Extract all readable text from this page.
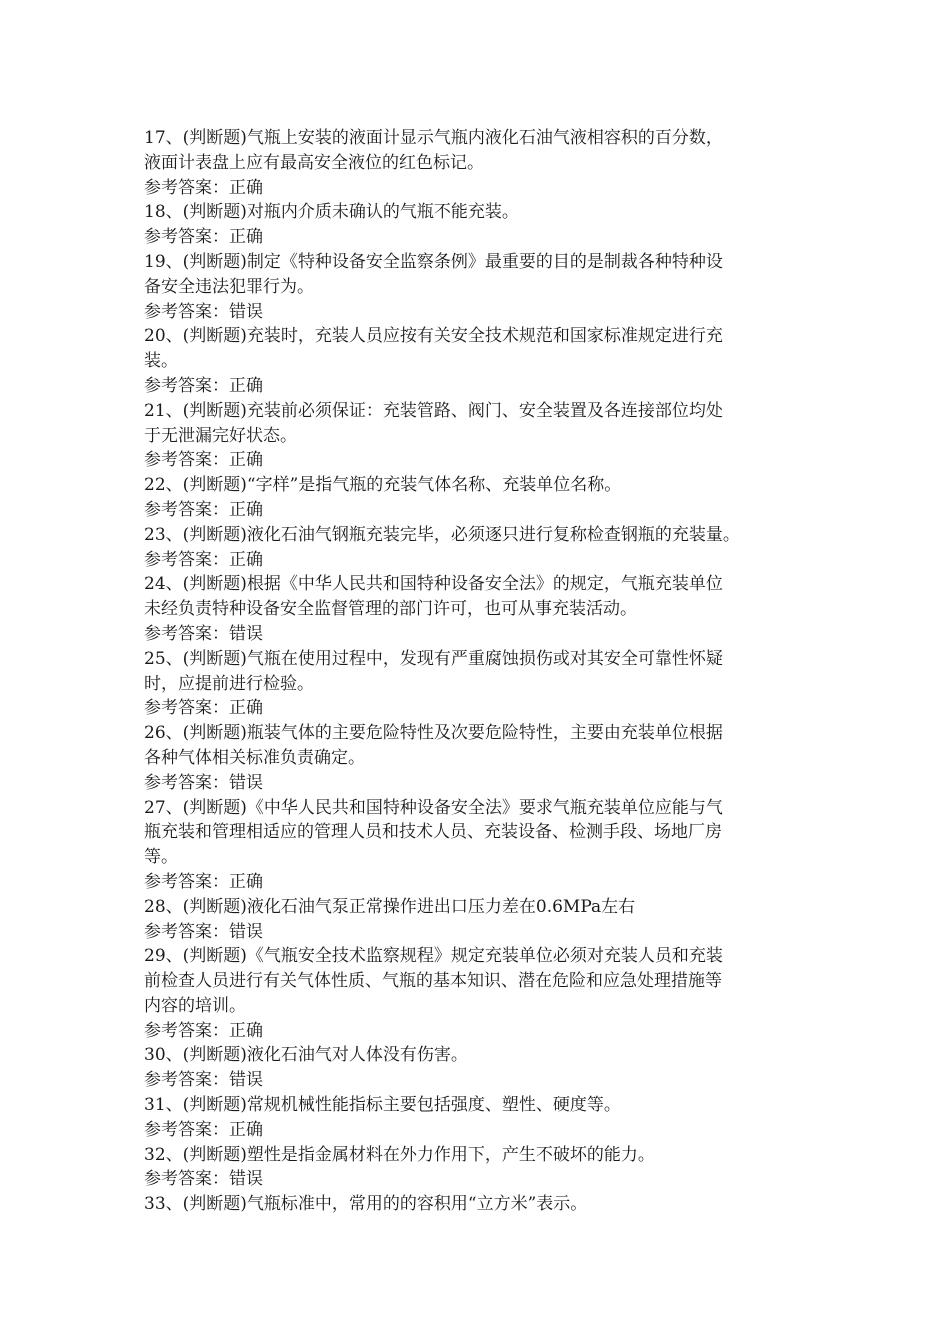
17、(判断题)气瓶上安装的液面计显示气瓶内液化石油气液相容积的百分数，
液面计表盘上应有最高安全液位的红色标记。
参考答案：正确
18、(判断题)对瓶内介质未确认的气瓶不能充装。
参考答案：正确
19、(判断题)制定《特种设备安全监察条例》最重要的目的是制裁各种特种设
备安全违法犯罪行为。
参考答案：错误
20、(判断题)充装时，充装人员应按有关安全技术规范和国家标准规定进行充
装。
参考答案：正确
21、(判断题)充装前必须保证：充装管路、阀门、安全装置及各连接部位均处
于无泄漏完好状态。
参考答案：正确
22、(判断题)“字样”是指气瓶的充装气体名称、充装单位名称。
参考答案：正确
23、(判断题)液化石油气钢瓶充装完毕，必须逐只进行复称检查钢瓶的充装量。
参考答案：正确
24、(判断题)根据《中华人民共和国特种设备安全法》的规定，气瓶充装单位
未经负责特种设备安全监督管理的部门许可，也可从事充装活动。
参考答案：错误
25、(判断题)气瓶在使用过程中，发现有严重腐蚀损伤或对其安全可靠性怀疑
时，应提前进行检验。
参考答案：正确
26、(判断题)瓶装气体的主要危险特性及次要危险特性，主要由充装单位根据
各种气体相关标准负责确定。
参考答案：错误
27、(判断题)《中华人民共和国特种设备安全法》要求气瓶充装单位应能与气
瓶充装和管理相适应的管理人员和技术人员、充装设备、检测手段、场地厂房
等。
参考答案：正确
28、(判断题)液化石油气泵正常操作进出口压力差在0.6MPa左右
参考答案：错误
29、(判断题)《气瓶安全技术监察规程》规定充装单位必须对充装人员和充装
前检查人员进行有关气体性质、气瓶的基本知识、潜在危险和应急处理措施等
内容的培训。
参考答案：正确
30、(判断题)液化石油气对人体没有伤害。
参考答案：错误
31、(判断题)常规机械性能指标主要包括强度、塑性、硬度等。
参考答案：正确
32、(判断题)塑性是指金属材料在外力作用下，产生不破坏的能力。
参考答案：错误
33、(判断题)气瓶标准中，常用的的容积用“立方米”表示。
